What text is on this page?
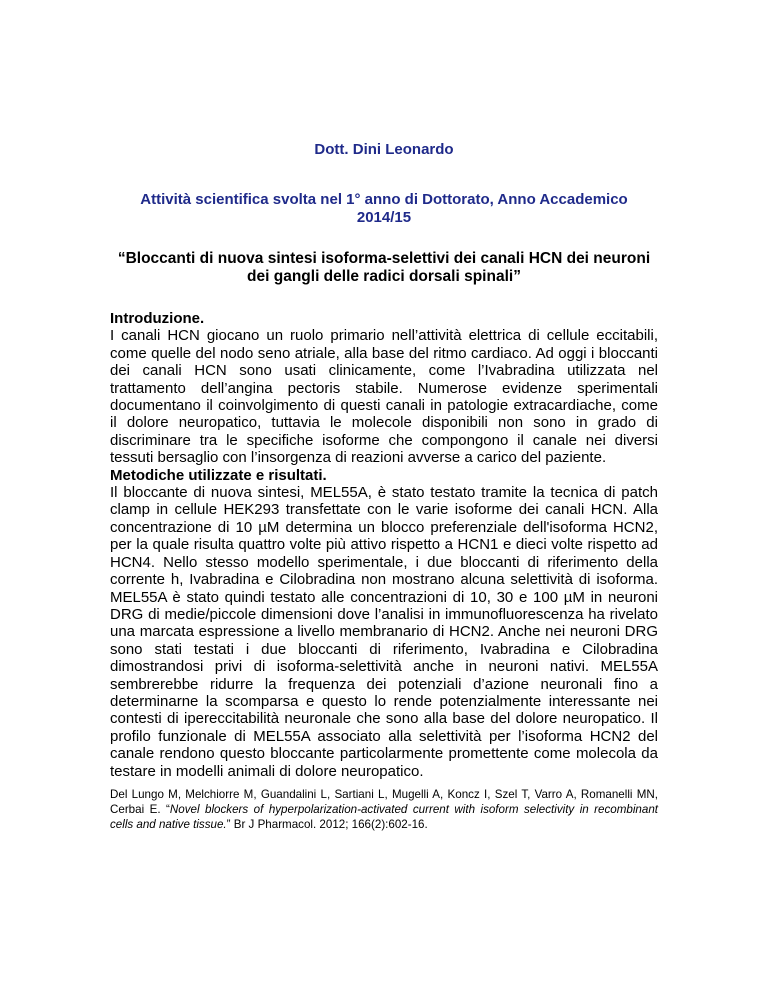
Dott. Dini Leonardo
Attività scientifica svolta nel 1° anno di Dottorato, Anno Accademico
2014/15
“Bloccanti di nuova sintesi isoforma-selettivi dei canali HCN dei neuroni
dei gangli delle radici dorsali spinali”

Introduzione.

I canali HCN giocano un ruolo primario nell’attività elettrica di cellule eccitabili, come quelle del nodo seno atriale, alla base del ritmo cardiaco. Ad oggi i bloccanti dei canali HCN sono usati clinicamente, come l’Ivabradina utilizzata nel trattamento dell’angina pectoris stabile. Numerose evidenze sperimentali documentano il coinvolgimento di questi canali in patologie extracardiache, come il dolore neuropatico, tuttavia le molecole disponibili non sono in grado di discriminare tra le specifiche isoforme che compongono il canale nei diversi tessuti bersaglio con l’insorgenza di reazioni avverse a carico del paziente.

Metodiche utilizzate e risultati.

Il bloccante di nuova sintesi, MEL55A, è stato testato tramite la tecnica di patch clamp in cellule HEK293 transfettate con le varie isoforme dei canali HCN. Alla concentrazione di 10 µM determina un blocco preferenziale dell'isoforma HCN2, per la quale risulta quattro volte più attivo rispetto a HCN1 e dieci volte rispetto ad HCN4. Nello stesso modello sperimentale, i due bloccanti di riferimento della corrente h, Ivabradina e Cilobradina non mostrano alcuna selettività di isoforma. MEL55A è stato quindi testato alle concentrazioni di 10, 30 e 100 µM in neuroni DRG di medie/piccole dimensioni dove l’analisi in immunofluorescenza ha rivelato una marcata espressione a livello membranario di HCN2. Anche nei neuroni DRG sono stati testati i due bloccanti di riferimento, Ivabradina e Cilobradina dimostrandosi privi di isoforma-selettività anche in neuroni nativi. MEL55A sembrerebbe ridurre la frequenza dei potenziali d’azione neuronali fino a determinarne la scomparsa e questo lo rende potenzialmente interessante nei contesti di ipereccitabilità neuronale che sono alla base del dolore neuropatico. Il profilo funzionale di MEL55A associato alla selettività per l’isoforma HCN2 del canale rendono questo bloccante particolarmente promettente come molecola da testare in modelli animali di dolore neuropatico.

Del Lungo M, Melchiorre M, Guandalini L, Sartiani L, Mugelli A, Koncz I, Szel T, Varro A, Romanelli MN, Cerbai E. “Novel blockers of hyperpolarization-activated current with isoform selectivity in recombinant cells and native tissue.” Br J Pharmacol. 2012; 166(2):602-16.
